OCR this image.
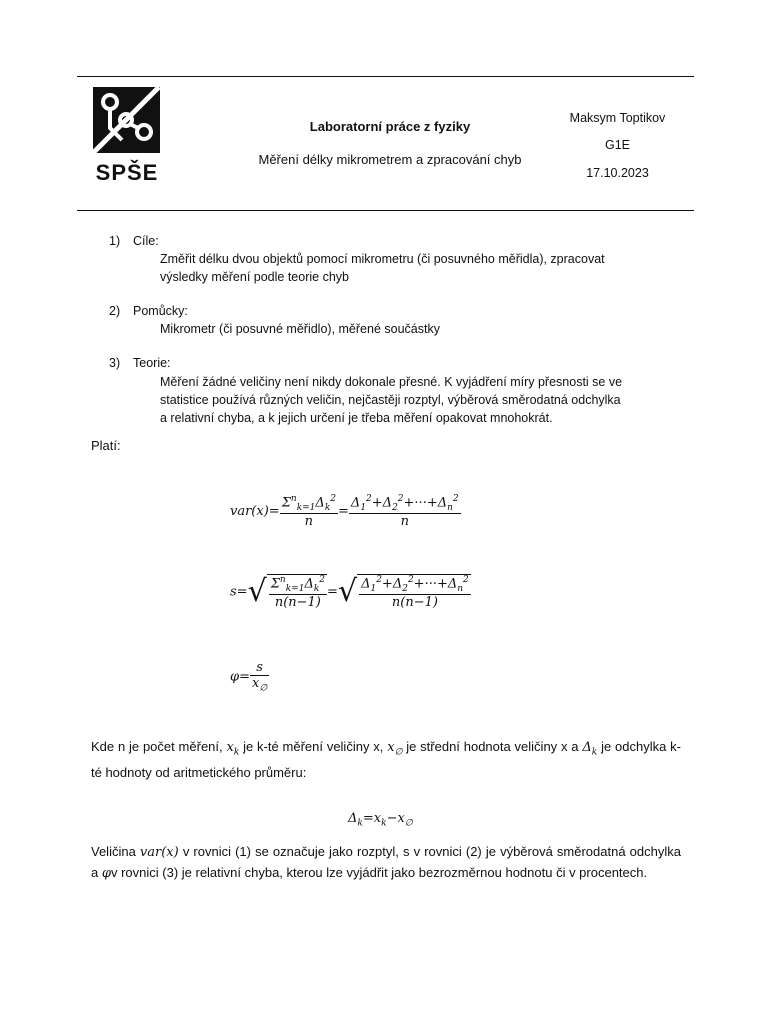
SPŠE
Laboratorní práce z fyziky
Měření délky mikrometrem a zpracování chyb
Maksym Toptikov
G1E
17.10.2023
1) Cíle:
Změřit délku dvou objektů pomocí mikrometru (či posuvného měřidla), zpracovat výsledky měření podle teorie chyb
2) Pomůcky:
Mikrometr (či posuvné měřidlo), měřené součástky
3) Teorie:
Měření žádné veličiny není nikdy dokonale přesné. K vyjádření míry přesnosti se ve statistice používá různých veličin, nejčastěji rozptyl, výběrová směrodatná odchylka a relativní chyba, a k jejich určení je třeba měření opakovat mnohokrát.
Platí:
$var(x)= \frac{\Sigma^n_{k=1}\Delta_k^2}{n} = \frac{\Delta_1^2+\Delta_2^2+\cdot\cdot\cdot+\Delta_n^2}{n}$
$s=√ \frac{\Sigma^n_{k=1}\Delta_k^2}{n(n-1)}$ =√ $\frac{\Delta_1^2+\Delta_2^2+\cdot\cdot\cdot+\Delta_n^2}{n(n-1)}$
$\varphi= \frac{s}{x_\emptyset}$
Kde n je počet měření, $x_k$ je k-té měření veličiny x, $x_\emptyset$ je střední hodnota veličiny x a $\Delta_k$ je odchylka k-té hodnoty od aritmetického průměru:
$\Delta_k=x_k-x_\emptyset$
Veličina var(x) v rovnici (1) se označuje jako rozptyl, s v rovnici (2) je výběrová směrodatná odchylka a φv rovnici (3) je relativní chyba, kterou lze vyjádřit jako bezrozměrnou hodnotu či v procentech.
